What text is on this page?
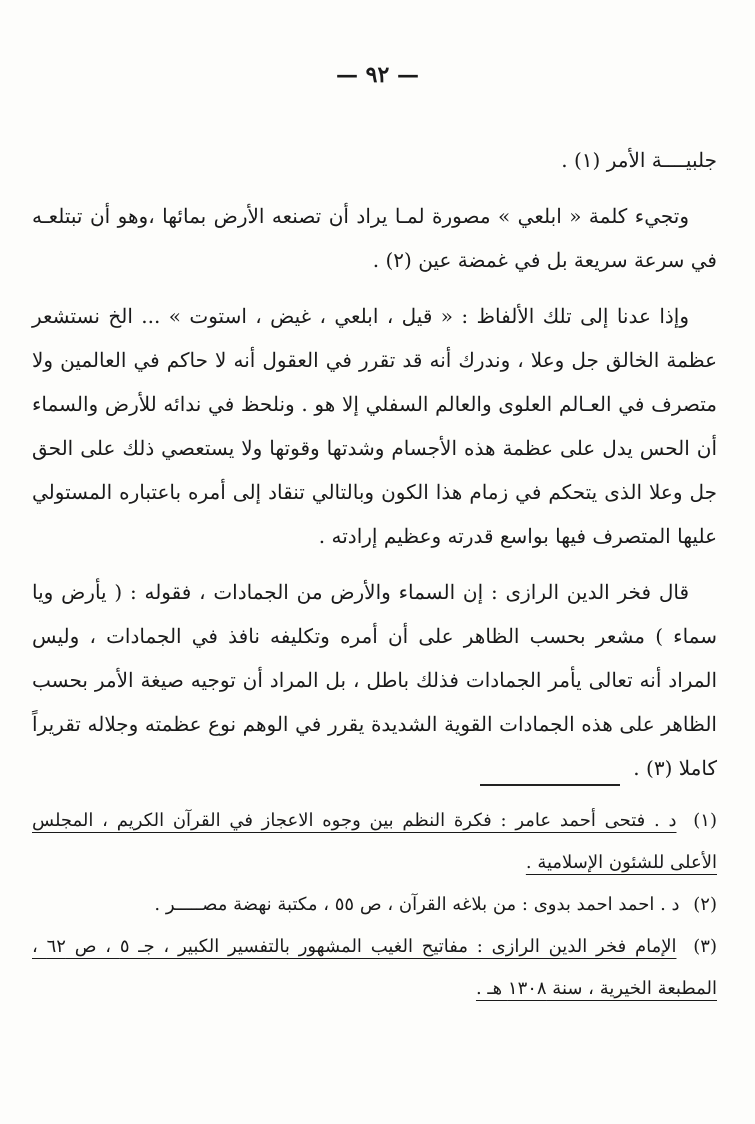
— ٩٢ —

جلبيــــة الأمر (١) .

وتجيء كلمة « ابلعي » مصورة لمـا يراد أن تصنعه الأرض بمائها ،وهو أن تبتلعـه في سرعة سريعة بل في غمضة عين (٢) .

وإذا عدنا إلى تلك الألفاظ : « قيل ، ابلعي ، غيض ، استوت » ... الخ نستشعر عظمة الخالق جل وعلا ، وندرك أنه قد تقرر في العقول أنه لا حاكم في العالمين ولا متصرف في العـالم العلوى والعالم السفلي إلا هو . ونلحظ في ندائه للأرض والسماء أن الحس يدل على عظمة هذه الأجسام وشدتها وقوتها ولا يستعصي ذلك على الحق جل وعلا الذى يتحكم في زمام هذا الكون وبالتالي تنقاد إلى أمره باعتباره المستولي عليها المتصرف فيها بواسع قدرته وعظيم إرادته .

قال فخر الدين الرازى : إن السماء والأرض من الجمادات ، فقوله : ( يأرض ويا سماء ) مشعر بحسب الظاهر على أن أمره وتكليفه نافذ في الجمادات ، وليس المراد أنه تعالى يأمر الجمادات فذلك باطل ، بل المراد أن توجيه صيغة الأمر بحسب الظاهر على هذه الجمادات القوية الشديدة يقرر في الوهم نوع عظمته وجلاله تقريراً كاملا (٣) .

(١) د . فتحى أحمد عامر : فكرة النظم بين وجوه الاعجاز في القرآن الكريم ، المجلس الأعلى للشئون الإسلامية .

(٢) د . احمد احمد بدوى : من بلاغه القرآن ، ص ٥٥ ، مكتبة نهضة مصـــــر .

(٣) الإمام فخر الدين الرازى : مفاتيح الغيب المشهور بالتفسير الكبير ، جـ ٥ ، ص ٦٢ ، المطبعة الخيرية ، سنة ١٣٠٨ هـ .
